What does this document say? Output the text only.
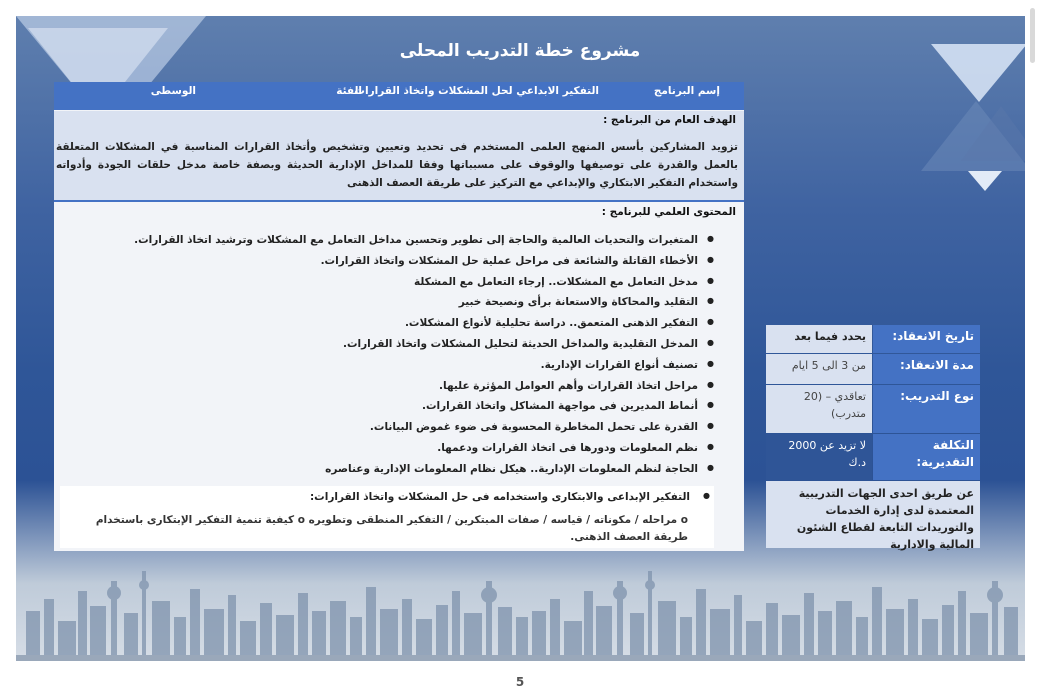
مشروع خطة التدريب المحلى
إسم البرنامج
التفكير الابداعي لحل المشكلات واتخاذ القرارات
الفئة
الوسطى
الهدف العام من البرنامج :
تزويد المشاركين بأسس المنهج العلمى المستخدم فى تحديد وتعيين وتشخيص وأتخاذ القرارات المناسبة في المشكلات المتعلقة بالعمل والقدرة على توصيفها والوقوف على مسبباتها وفقا للمداخل الإدارية الحديثة وبصفة خاصة مدخل حلقات الجودة وأدواته واستخدام التفكير الابتكاري والإبداعي مع التركيز على طريقة العصف الذهنى
المحتوى العلمي للبرنامج :
● المتغيرات والتحديات العالمية والحاجة إلى تطوير وتحسين مداخل التعامل مع المشكلات وترشيد اتخاذ القرارات.
● الأخطاء القاتلة والشائعة فى مراحل عملية حل المشكلات واتخاذ القرارات.
● مدخل التعامل مع المشكلات.. إرجاء التعامل مع المشكلة
● التقليد والمحاكاة والاستعانة برأى ونصيحة خبير
● التفكير الذهنى المتعمق.. دراسة تحليلية لأنواع المشكلات.
● المدخل التقليدية والمداخل الحديثة لتحليل المشكلات واتخاذ القرارات.
● تصنيف أنواع القرارات الإدارية.
● مراحل اتخاذ القرارات وأهم العوامل المؤثرة عليها.
● أنماط المديرين فى مواجهة المشاكل واتخاذ القرارات.
● القدرة على تحمل المخاطرة المحسوبة فى ضوء غموض البيانات.
● نظم المعلومات ودورها فى اتخاذ القرارات ودعمها.
● الحاجة لنظم المعلومات الإدارية.. هيكل نظام المعلومات الإدارية وعناصره
● التفكير الإبداعى والابتكارى واستخدامه فى حل المشكلات واتخاذ القرارات:
o مراحله / مكوناته / قياسه / صفات المبتكرين / التفكير المنطقى وتطويره o كيفية تنمية التفكير الإبتكارى باستخدام طريقة العصف الذهنى.
تاريخ الانعقاد:
يحدد فيما بعد
مدة الانعقاد:
من 3 الى 5 ايام
نوع التدريب:
تعاقدي – (20 متدرب)
التكلفة التقديرية:
لا تزيد عن 2000 د.ك
عن طريق احدى الجهات التدريبية المعتمدة لدى إدارة الخدمات والتوريدات التابعة لقطاع الشئون المالية والادارية
5
